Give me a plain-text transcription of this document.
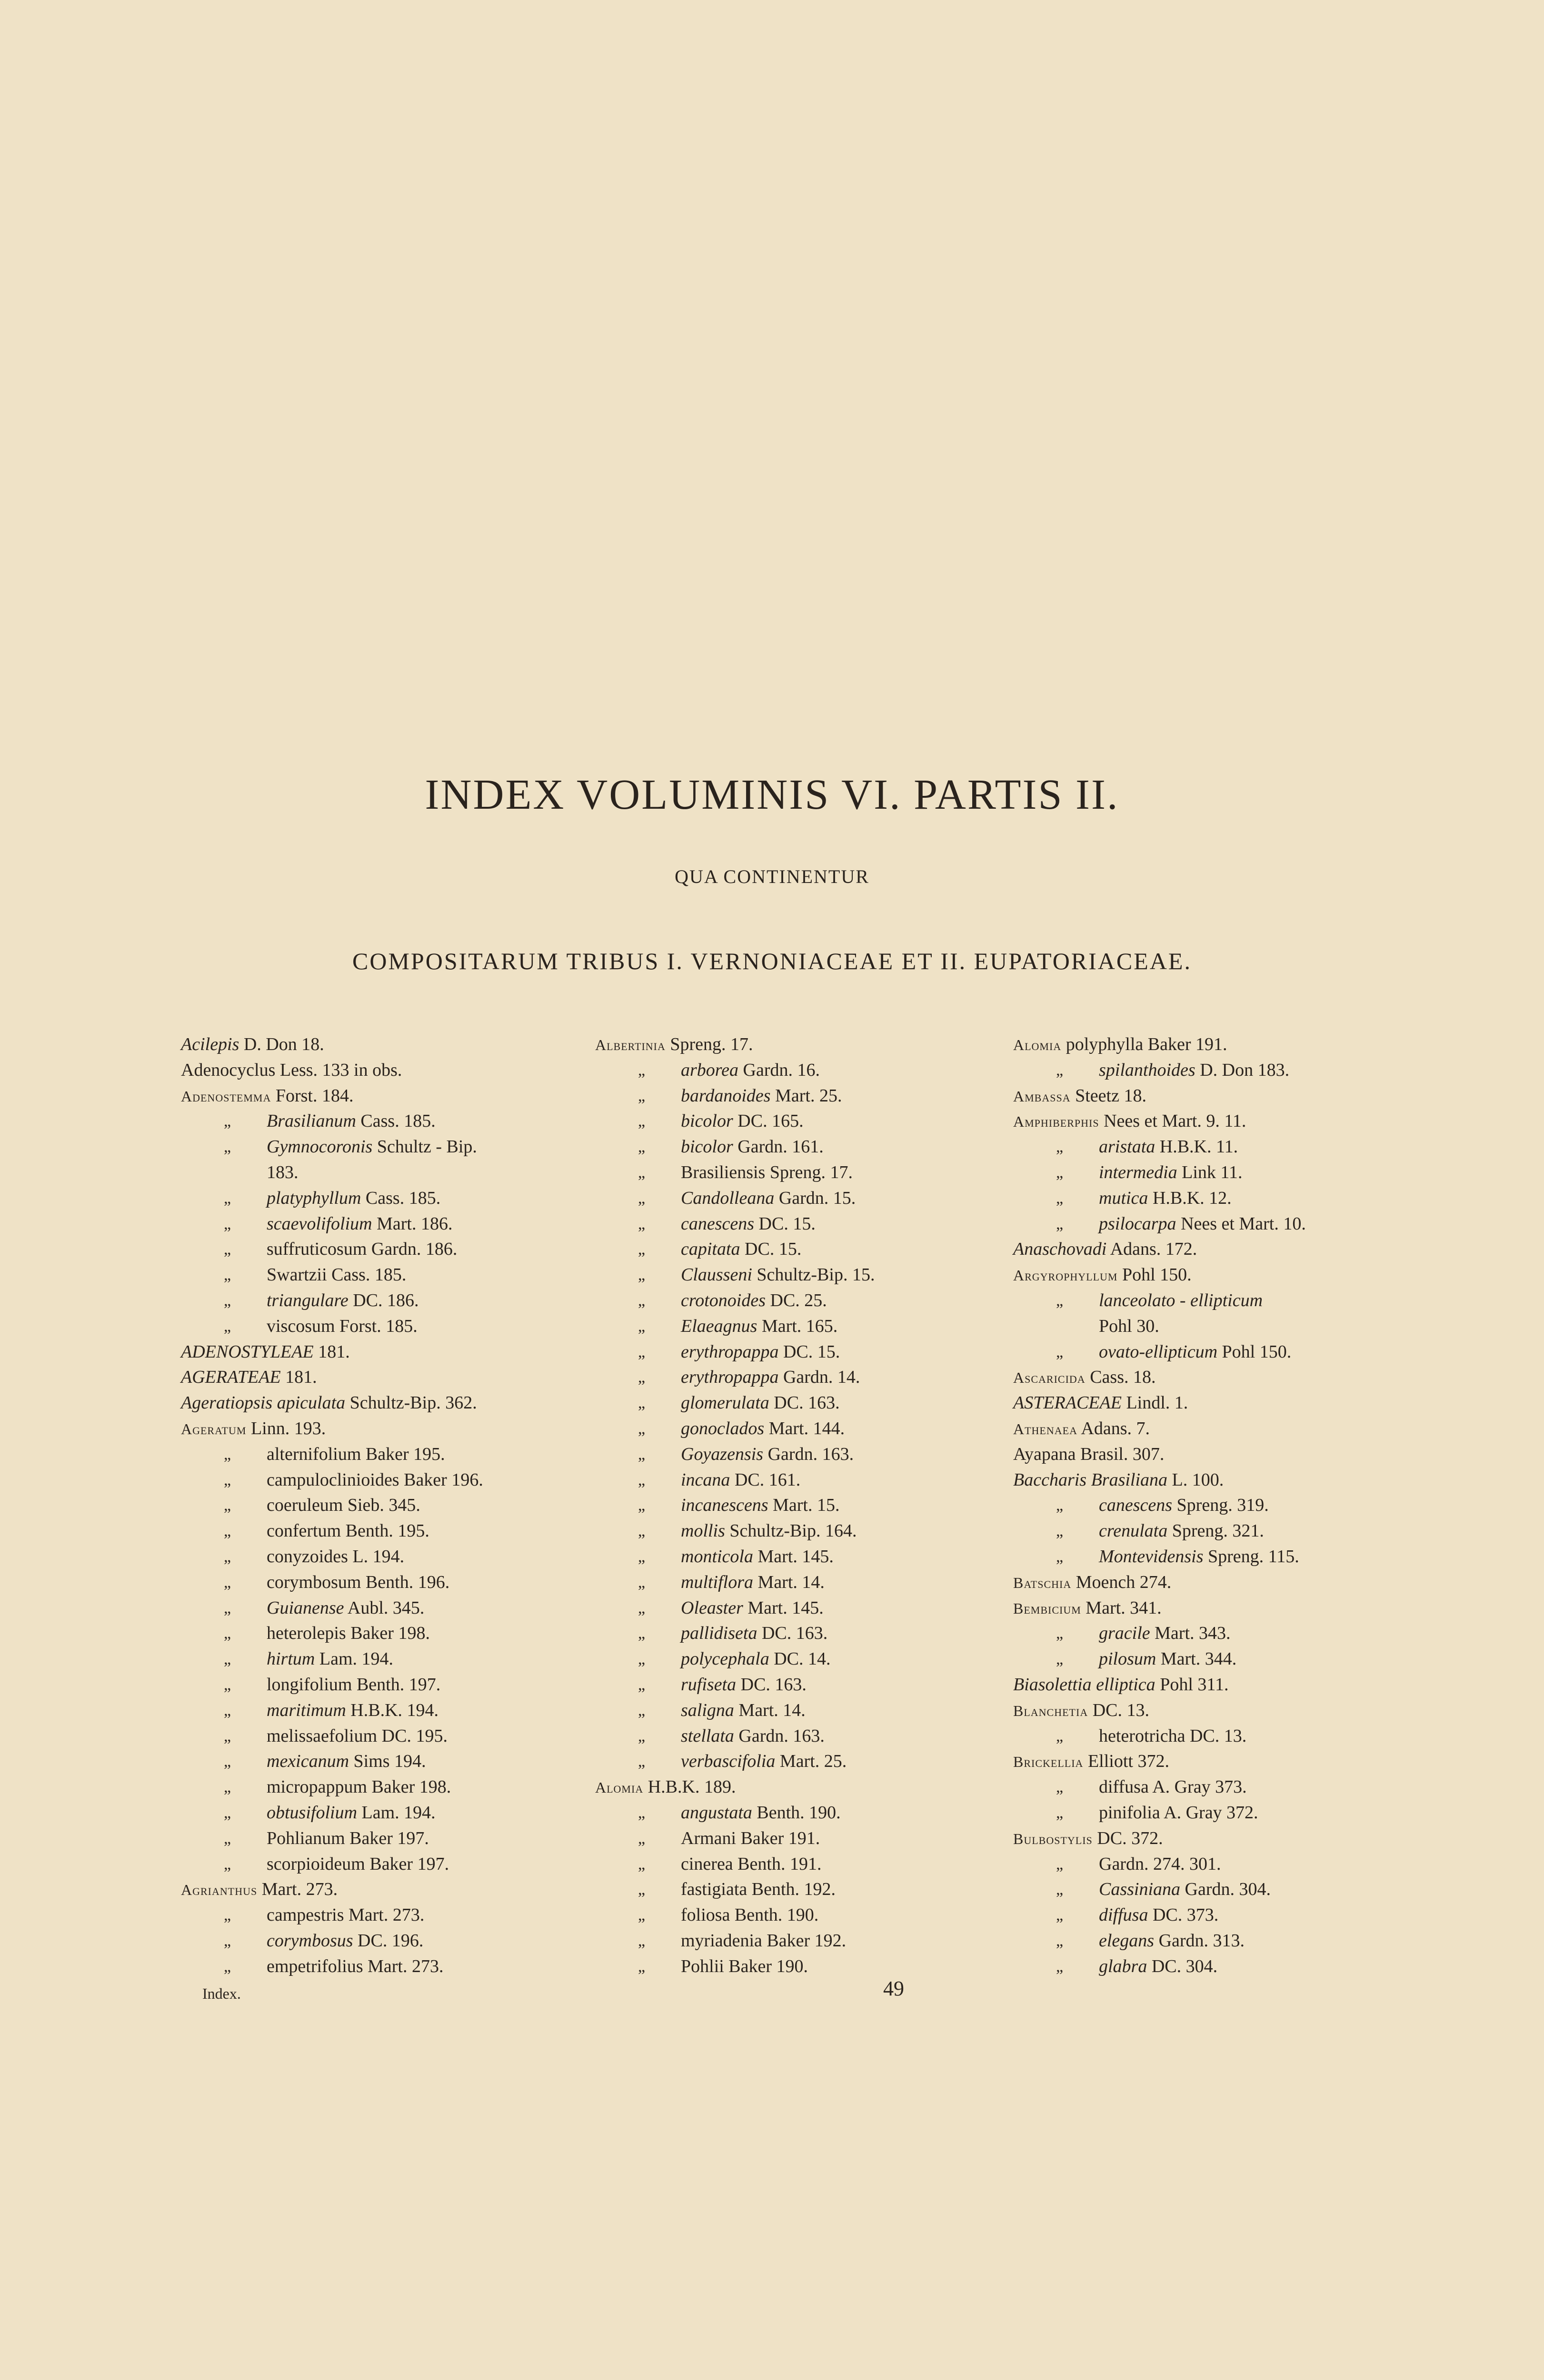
INDEX VOLUMINIS VI. PARTIS II.
QUA CONTINENTUR
COMPOSITARUM TRIBUS I. VERNONIACEAE ET II. EUPATORIACEAE.
Acilepis D. Don 18.
Adenocyclus Less. 133 in obs.
Adenostemma Forst. 184.
„ Brasilianum Cass. 185.
„ Gymnocoronis Schultz - Bip.
183.
„ platyphyllum Cass. 185.
„ scaevolifolium Mart. 186.
„ suffruticosum Gardn. 186.
„ Swartzii Cass. 185.
„ triangulare DC. 186.
„ viscosum Forst. 185.
ADENOSTYLEAE 181.
AGERATEAE 181.
Ageratiopsis apiculata Schultz-Bip. 362.
Ageratum Linn. 193.
„ alternifolium Baker 195.
„ campuloclinioides Baker 196.
„ coeruleum Sieb. 345.
„ confertum Benth. 195.
„ conyzoides L. 194.
„ corymbosum Benth. 196.
„ Guianense Aubl. 345.
„ heterolepis Baker 198.
„ hirtum Lam. 194.
„ longifolium Benth. 197.
„ maritimum H.B.K. 194.
„ melissaefolium DC. 195.
„ mexicanum Sims 194.
„ micropappum Baker 198.
„ obtusifolium Lam. 194.
„ Pohlianum Baker 197.
„ scorpioideum Baker 197.
Agrianthus Mart. 273.
„ campestris Mart. 273.
„ corymbosus DC. 196.
„ empetrifolius Mart. 273.
Albertinia Spreng. 17.
„ arborea Gardn. 16.
„ bardanoides Mart. 25.
„ bicolor DC. 165.
„ bicolor Gardn. 161.
„ Brasiliensis Spreng. 17.
„ Candolleana Gardn. 15.
„ canescens DC. 15.
„ capitata DC. 15.
„ Clausseni Schultz-Bip. 15.
„ crotonoides DC. 25.
„ Elaeagnus Mart. 165.
„ erythropappa DC. 15.
„ erythropappa Gardn. 14.
„ glomerulata DC. 163.
„ gonoclados Mart. 144.
„ Goyazensis Gardn. 163.
„ incana DC. 161.
„ incanescens Mart. 15.
„ mollis Schultz-Bip. 164.
„ monticola Mart. 145.
„ multiflora Mart. 14.
„ Oleaster Mart. 145.
„ pallidiseta DC. 163.
„ polycephala DC. 14.
„ rufiseta DC. 163.
„ saligna Mart. 14.
„ stellata Gardn. 163.
„ verbascifolia Mart. 25.
Alomia H.B.K. 189.
„ angustata Benth. 190.
„ Armani Baker 191.
„ cinerea Benth. 191.
„ fastigiata Benth. 192.
„ foliosa Benth. 190.
„ myriadenia Baker 192.
„ Pohlii Baker 190.
Alomia polyphylla Baker 191.
„ spilanthoides D. Don 183.
Ambassa Steetz 18.
Amphiberphis Nees et Mart. 9. 11.
„ aristata H.B.K. 11.
„ intermedia Link 11.
„ mutica H.B.K. 12.
„ psilocarpa Nees et Mart. 10.
Anaschovadi Adans. 172.
Argyrophyllum Pohl 150.
„ lanceolato - ellipticum
Pohl 30.
„ ovato-ellipticum Pohl 150.
Ascaricida Cass. 18.
ASTERACEAE Lindl. 1.
Athenaea Adans. 7.
Ayapana Brasil. 307.
Baccharis Brasiliana L. 100.
„ canescens Spreng. 319.
„ crenulata Spreng. 321.
„ Montevidensis Spreng. 115.
Batschia Moench 274.
Bembicium Mart. 341.
„ gracile Mart. 343.
„ pilosum Mart. 344.
Biasolettia elliptica Pohl 311.
Blanchetia DC. 13.
„ heterotricha DC. 13.
Brickellia Elliott 372.
„ diffusa A. Gray 373.
„ pinifolia A. Gray 372.
Bulbostylis DC. 372.
„ Gardn. 274. 301.
„ Cassiniana Gardn. 304.
„ diffusa DC. 373.
„ elegans Gardn. 313.
„ glabra DC. 304.
Index.	49
